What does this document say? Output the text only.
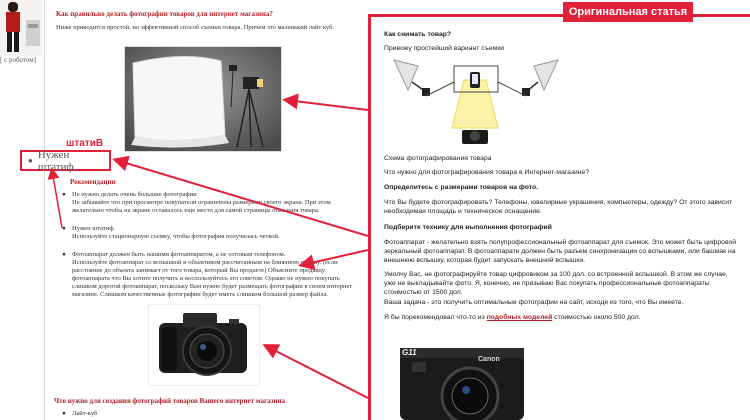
[ с роботом]
Как правильно делать фотографии товаров для интернет магазина?
Ниже приводится простой, но эффективный способ съемки товара. Причем это маленький лайт куб.
штатиВ
● Нужен штатиф.
Рекомендации
● Не нужно делать очень большие фотографии
Не забывайте что при просмотре покупатели ограничены размерами своего экрана. При этом желательно чтобы на экране оставалось еще место для самой страницы товара.
● Нужен штатиф.
Используйте стационарную съемку, чтобы фотография получилась четкой.
● Фотоаппарат должен быть нашими фотоаппаратом, а не сотовым телефоном.
Используйте фотоаппарат со вспышкой и объективом рассчитанным на ближнюю (если расстояние до объекта занимает от того товара, который Вы продаете) Объясните продавцу фотоаппарата что Вы хотите получить и воспользуйтесь его советом. Однако не нужно покупать слишком дорогой фотоаппарат, поскольку Вам нужно будет размещать фотографии в своем интернет магазине. Слишком качественные фотографии будет иметь слишком большой размер файла.
Что нужно для создания фотографий товаров Вашего интернет магазина
● Лайт-куб
Оригинальная статья
Как снимать товар?
Привожу простейший вариант съемки
Схема фотографирования товара
Что нужно для фотографирования товара в Интернет-магазине?
Определитесь с размерами товаров на фото.
Что Вы будете фотографировать? Телефоны, ювелирные украшения, компьютеры, одежду? От этого зависит необходимая площадь и техническое оснащение.
Подберите технику для выполнения фотографий
Фотоаппарат - желательно взять полупрофессиональный фотоаппарат для съемок. Это может быть цифровой зеркальный фотоаппарат. В фотоаппарате должен быть разъем синхронизации со вспышками, или башмак на внешнюю вспышку, которая будет запускать внешний вспышки.
Умолчу Вас, не фотографируйте товар цифровиком за 100 дол. со встроенной вспышкой. В этом же случае, уже не выкладывайте фото. Я, конечно, не призываю Вас покупать профессиональные фотоаппараты стоимостью от 1500 дол.
Ваша задача - это получить оптимальные фотографии на сайт, исходя из того, что Вы имеете.
Я бы порекомендовал что-то из подобных моделей стоимостью около 500 дол.
G11
Canon
